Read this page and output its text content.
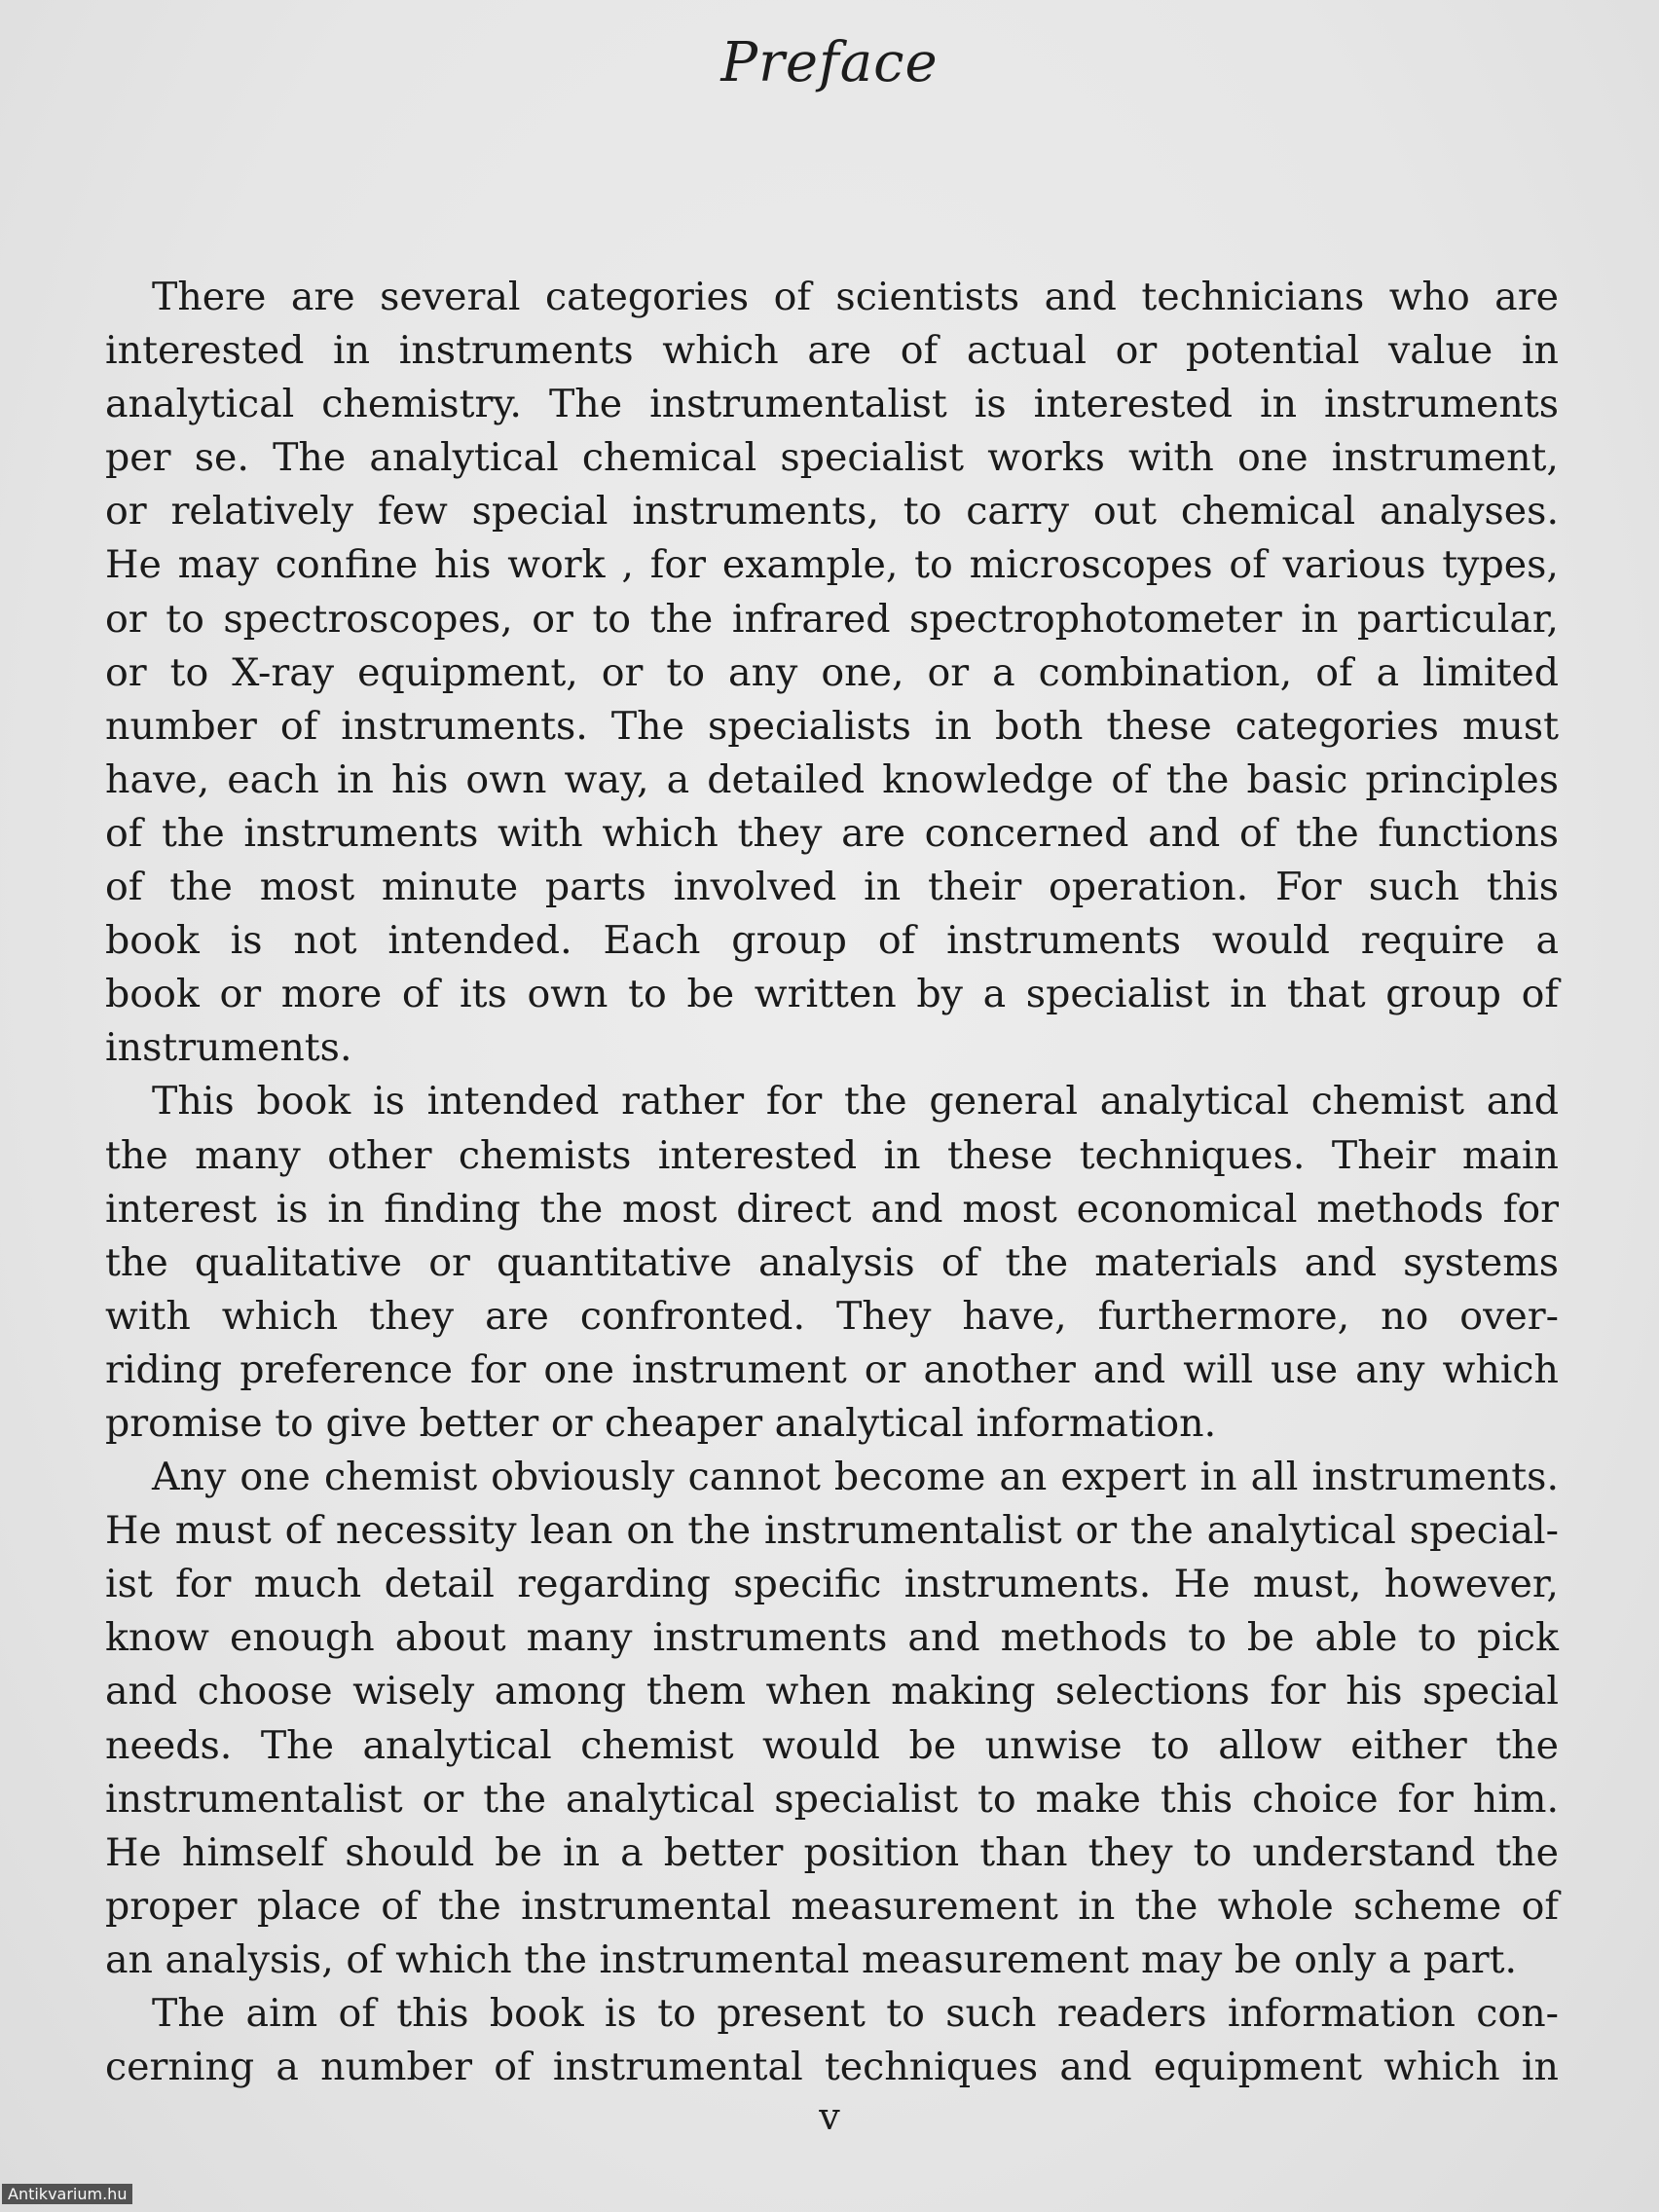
Preface
There are several categories of scientists and technicians who are
interested in instruments which are of actual or potential value in
analytical chemistry. The instrumentalist is interested in instruments
per se. The analytical chemical specialist works with one instrument,
or relatively few special instruments, to carry out chemical analyses.
He may confine his work , for example, to microscopes of various types,
or to spectroscopes, or to the infrared spectrophotometer in particular,
or to X-ray equipment, or to any one, or a combination, of a limited
number of instruments. The specialists in both these categories must
have, each in his own way, a detailed knowledge of the basic principles
of the instruments with which they are concerned and of the functions
of the most minute parts involved in their operation. For such this
book is not intended. Each group of instruments would require a
book or more of its own to be written by a specialist in that group of
instruments.
This book is intended rather for the general analytical chemist and
the many other chemists interested in these techniques. Their main
interest is in finding the most direct and most economical methods for
the qualitative or quantitative analysis of the materials and systems
with which they are confronted. They have, furthermore, no over-
riding preference for one instrument or another and will use any which
promise to give better or cheaper analytical information.
Any one chemist obviously cannot become an expert in all instruments.
He must of necessity lean on the instrumentalist or the analytical special-
ist for much detail regarding specific instruments. He must, however,
know enough about many instruments and methods to be able to pick
and choose wisely among them when making selections for his special
needs. The analytical chemist would be unwise to allow either the
instrumentalist or the analytical specialist to make this choice for him.
He himself should be in a better position than they to understand the
proper place of the instrumental measurement in the whole scheme of
an analysis, of which the instrumental measurement may be only a part.
The aim of this book is to present to such readers information con-
cerning a number of instrumental techniques and equipment which in
v
Antikvarium.hu
